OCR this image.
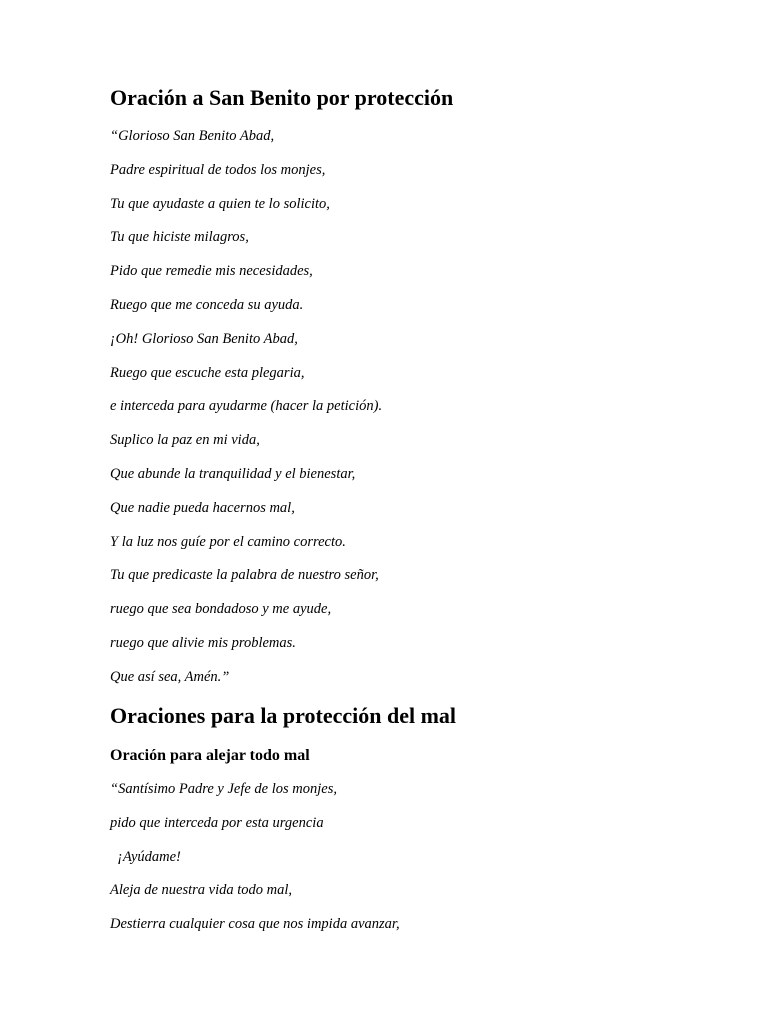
Oración a San Benito por protección

“Glorioso San Benito Abad,

Padre espiritual de todos los monjes,

Tu que ayudaste a quien te lo solicito,

Tu que hiciste milagros,

Pido que remedie mis necesidades,

Ruego que me conceda su ayuda.

¡Oh! Glorioso San Benito Abad,

Ruego que escuche esta plegaria,

e interceda para ayudarme (hacer la petición).

Suplico la paz en mi vida,

Que abunde la tranquilidad y el bienestar,

Que nadie pueda hacernos mal,

Y la luz nos guíe por el camino correcto.

Tu que predicaste la palabra de nuestro señor,

ruego que sea bondadoso y me ayude,

ruego que alivie mis problemas.

Que así sea, Amén.”

Oraciones para la protección del mal
Oración para alejar todo mal

“Santísimo Padre y Jefe de los monjes,

pido que interceda por esta urgencia

¡Ayúdame!

Aleja de nuestra vida todo mal,

Destierra cualquier cosa que nos impida avanzar,
